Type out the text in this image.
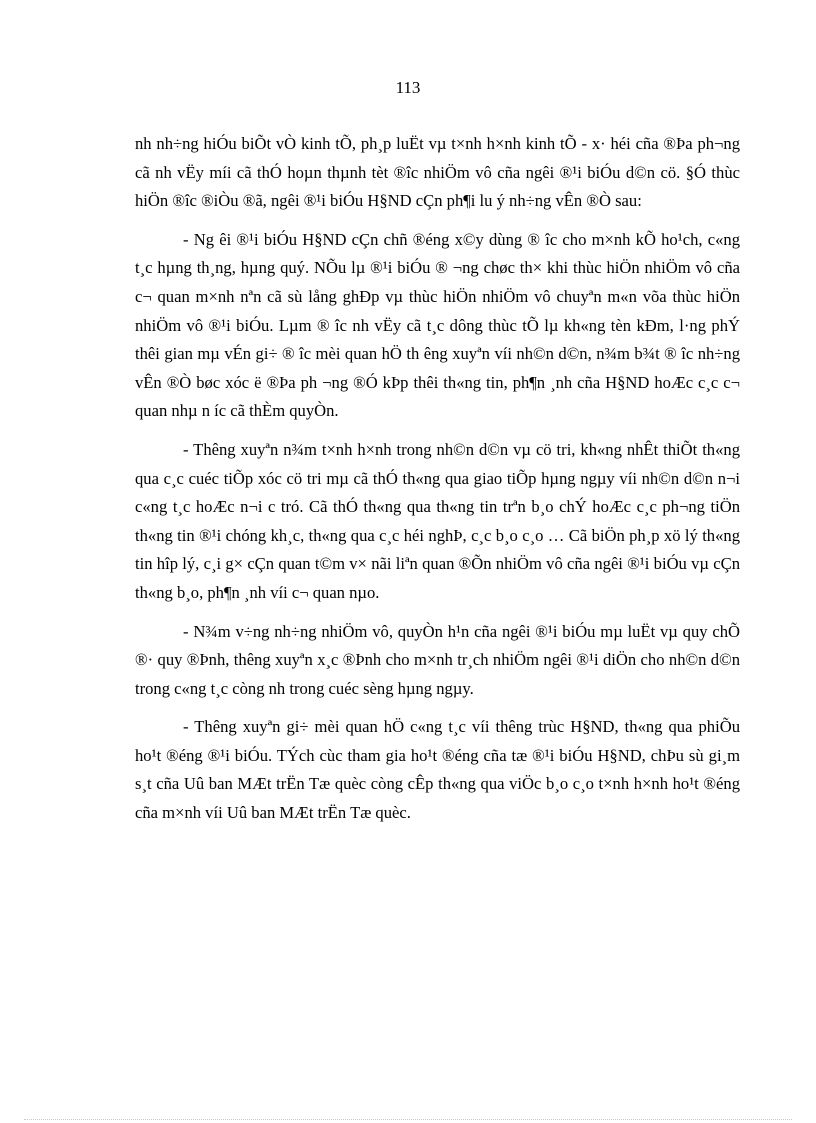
113

nh nh÷ng hiÓu biÕt vÒ kinh tÕ, ph¸p luËt vµ t×nh h×nh kinh tÕ - x· héi cña ®Þa ph¬ng cã nh vËy míi cã thÓ hoµn thµnh tèt ®îc nhiÖm vô cña ngêi ®¹i biÓu d©n cö. §Ó thùc hiÖn ®îc ®iÒu ®ã, ngêi ®¹i biÓu H§ND cÇn ph¶i lu ý nh÷ng vÊn ®Ò sau:

- Ng êi ®¹i biÓu H§ND cÇn chñ ®éng x©y dùng ® îc cho m×nh kÕ ho¹ch, c«ng t¸c hµng th¸ng, hµng quý. NÕu lµ ®¹i biÓu ® ¬ng chøc th× khi thùc hiÖn nhiÖm vô cña c¬ quan m×nh nªn cã sù lång ghÐp vµ thùc hiÖn nhiÖm vô chuyªn m«n võa thùc hiÖn nhiÖm vô ®¹i biÓu. Lµm ® îc nh vËy cã t¸c dông thùc tÕ lµ kh«ng tèn kÐm, l·ng phÝ thêi gian mµ vÉn gi÷ ® îc mèi quan hÖ th êng xuyªn víi nh©n d©n, n¾m b¾t ® îc nh÷ng vÊn ®Ò bøc xóc ë ®Þa ph ¬ng ®Ó kÞp thêi th«ng tin, ph¶n ¸nh cña H§ND hoÆc c¸c c¬ quan nhµ n íc cã thÈm quyÒn.

- Thêng xuyªn n¾m t×nh h×nh trong nh©n d©n vµ cö tri, kh«ng nhÊt thiÕt th«ng qua c¸c cuéc tiÕp xóc cö tri mµ cã thÓ th«ng qua giao tiÕp hµng ngµy víi nh©n d©n n¬i c«ng t¸c hoÆc n¬i c tró. Cã thÓ th«ng qua th«ng tin trªn b¸o chÝ hoÆc c¸c ph¬ng tiÖn th«ng tin ®¹i chóng kh¸c, th«ng qua c¸c héi nghÞ, c¸c b¸o c¸o … Cã biÖn ph¸p xö lý th«ng tin hîp lý, c¸i g× cÇn quan t©m v× nãi liªn quan ®Õn nhiÖm vô cña ngêi ®¹i biÓu vµ cÇn th«ng b¸o, ph¶n ¸nh víi c¬ quan nµo.

- N¾m v÷ng nh÷ng nhiÖm vô, quyÒn h¹n cña ngêi ®¹i biÓu mµ luËt vµ quy chÕ ®· quy ®Þnh, thêng xuyªn x¸c ®Þnh cho m×nh tr¸ch nhiÖm ngêi ®¹i diÖn cho nh©n d©n trong c«ng t¸c còng nh trong cuéc sèng hµng ngµy.

- Thêng xuyªn gi÷ mèi quan hÖ c«ng t¸c víi thêng trùc H§ND, th«ng qua phiÕu ho¹t ®éng ®¹i biÓu. TÝch cùc tham gia ho¹t ®éng cña tæ ®¹i biÓu H§ND, chÞu sù gi¸m s¸t cña Uû ban MÆt trËn Tæ quèc còng cÊp th«ng qua viÖc b¸o c¸o t×nh h×nh ho¹t ®éng cña m×nh víi Uû ban MÆt trËn Tæ quèc.
